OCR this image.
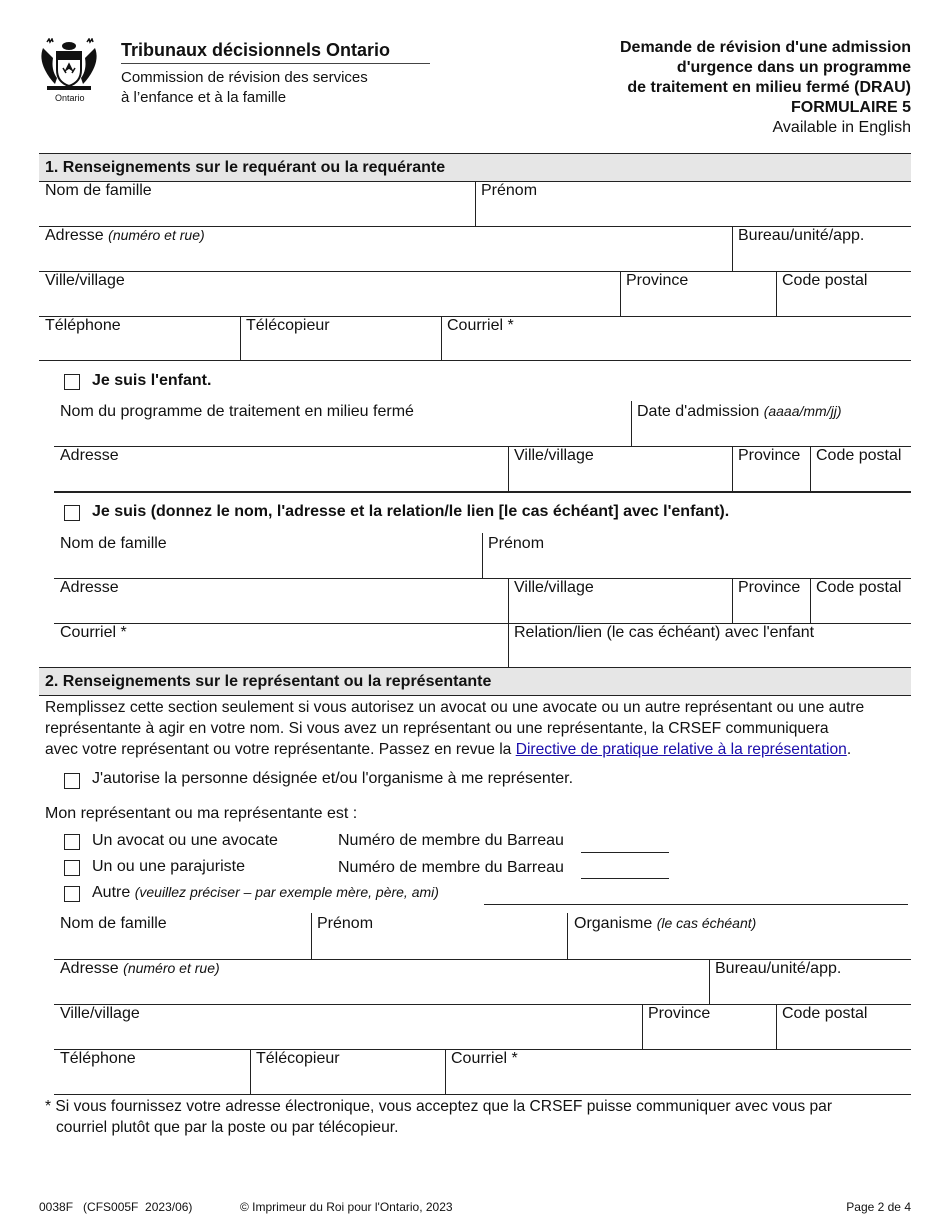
Ontario
Tribunaux décisionnels Ontario
Commission de révision des services
à l’enfance et à la famille
Demande de révision d'une admission
d'urgence dans un programme
de traitement en milieu fermé (DRAU)
FORMULAIRE 5
Available in English
1. Renseignements sur le requérant ou la requérante
Nom de famille	Prénom
Adresse (numéro et rue)	Bureau/unité/app.
Ville/village	Province	Code postal
Téléphone	Télécopieur	Courriel *
Je suis l'enfant.
Nom du programme de traitement en milieu fermé	Date d'admission (aaaa/mm/jj)
Adresse	Ville/village	Province Code postal
Je suis (donnez le nom, l'adresse et la relation/le lien [le cas échéant] avec l'enfant).
Nom de famille	Prénom
Adresse	Ville/village	Province Code postal
Courriel *	Relation/lien (le cas échéant) avec l'enfant
2. Renseignements sur le représentant ou la représentante
Remplissez cette section seulement si vous autorisez un avocat ou une avocate ou un autre représentant ou une autre
représentante à agir en votre nom. Si vous avez un représentant ou une représentante, la CRSEF communiquera
avec votre représentant ou votre représentante. Passez en revue la Directive de pratique relative à la représentation.
J'autorise la personne désignée et/ou l'organisme à me représenter.
Mon représentant ou ma représentante est :
Un avocat ou une avocate	Numéro de membre du Barreau
Un ou une parajuriste	Numéro de membre du Barreau
Autre (veuillez préciser – par exemple mère, père, ami)
Nom de famille	Prénom	Organisme (le cas échéant)
Adresse (numéro et rue)	Bureau/unité/app.
Ville/village	Province	Code postal
Téléphone	Télécopieur	Courriel *
* Si vous fournissez votre adresse électronique, vous acceptez que la CRSEF puisse communiquer avec vous par
courriel plutôt que par la poste ou par télécopieur.
0038F   (CFS005F  2023/06)	© Imprimeur du Roi pour l'Ontario, 2023	Page 2 de 4
